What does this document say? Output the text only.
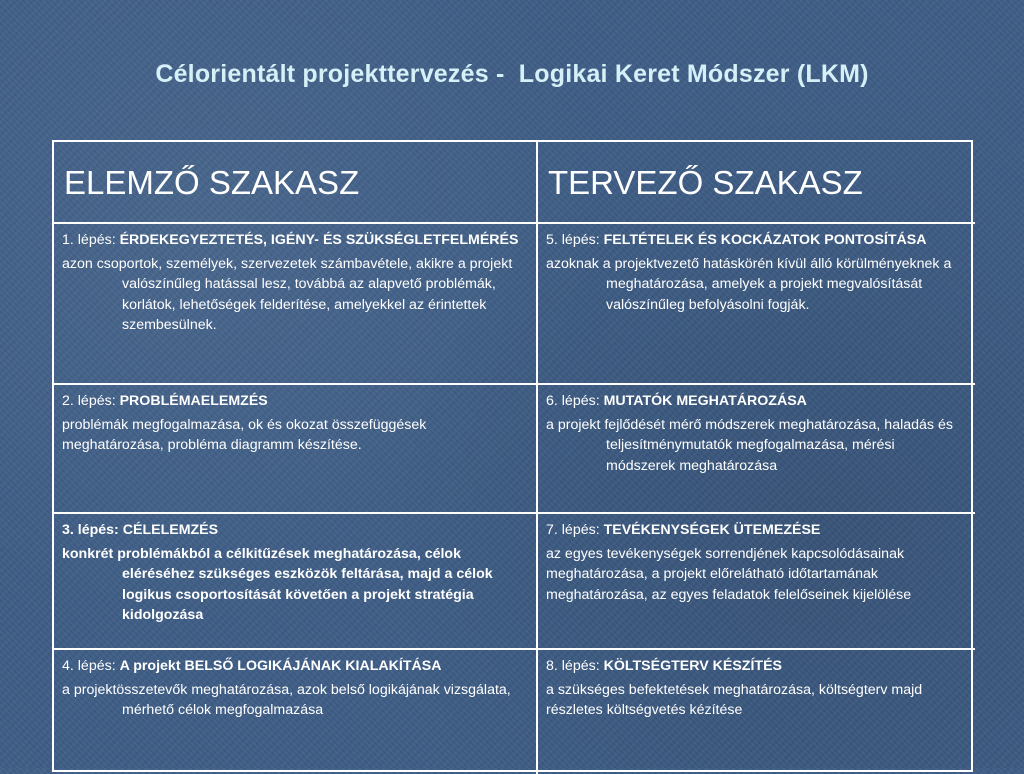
Célorientált projekttervezés -  Logikai Keret Módszer (LKM)
ELEMZŐ SZAKASZ	TERVEZŐ SZAKASZ
1. lépés: ÉRDEKEGYEZTETÉS, IGÉNY- ÉS SZÜKSÉGLETFELMÉRÉS
azon csoportok, személyek, szervezetek számbavétele, akikre a projekt valószínűleg hatással lesz, továbbá az alapvető problémák, korlátok, lehetőségek felderítése, amelyekkel az érintettek szembesülnek.
5. lépés: FELTÉTELEK ÉS KOCKÁZATOK PONTOSÍTÁSA
azoknak a projektvezető hatáskörén kívül álló körülményeknek a meghatározása, amelyek a projekt megvalósítását valószínűleg befolyásolni fogják.
2. lépés: PROBLÉMAELEMZÉS
problémák megfogalmazása, ok és okozat összefüggések meghatározása, probléma diagramm készítése.
6. lépés: MUTATÓK MEGHATÁROZÁSA
a projekt fejlődését mérő módszerek meghatározása, haladás és teljesítménymutatók megfogalmazása, mérési módszerek meghatározása
3. lépés: CÉLELEMZÉS
konkrét problémákból a célkitűzések meghatározása, célok eléréséhez szükséges eszközök feltárása, majd a célok logikus csoportosítását követően a projekt stratégia kidolgozása
7. lépés: TEVÉKENYSÉGEK ÜTEMEZÉSE
az egyes tevékenységek sorrendjének kapcsolódásainak meghatározása, a projekt előrelátható időtartamának meghatározása, az egyes feladatok felelőseinek kijelölése
4. lépés: A projekt BELSŐ LOGIKÁJÁNAK KIALAKÍTÁSA
a projektösszetevők meghatározása, azok belső logikájának vizsgálata, mérhető célok megfogalmazása
8. lépés: KÖLTSÉGTERV KÉSZÍTÉS
a szükséges befektetések meghatározása, költségterv majd részletes költségvetés kézítése
